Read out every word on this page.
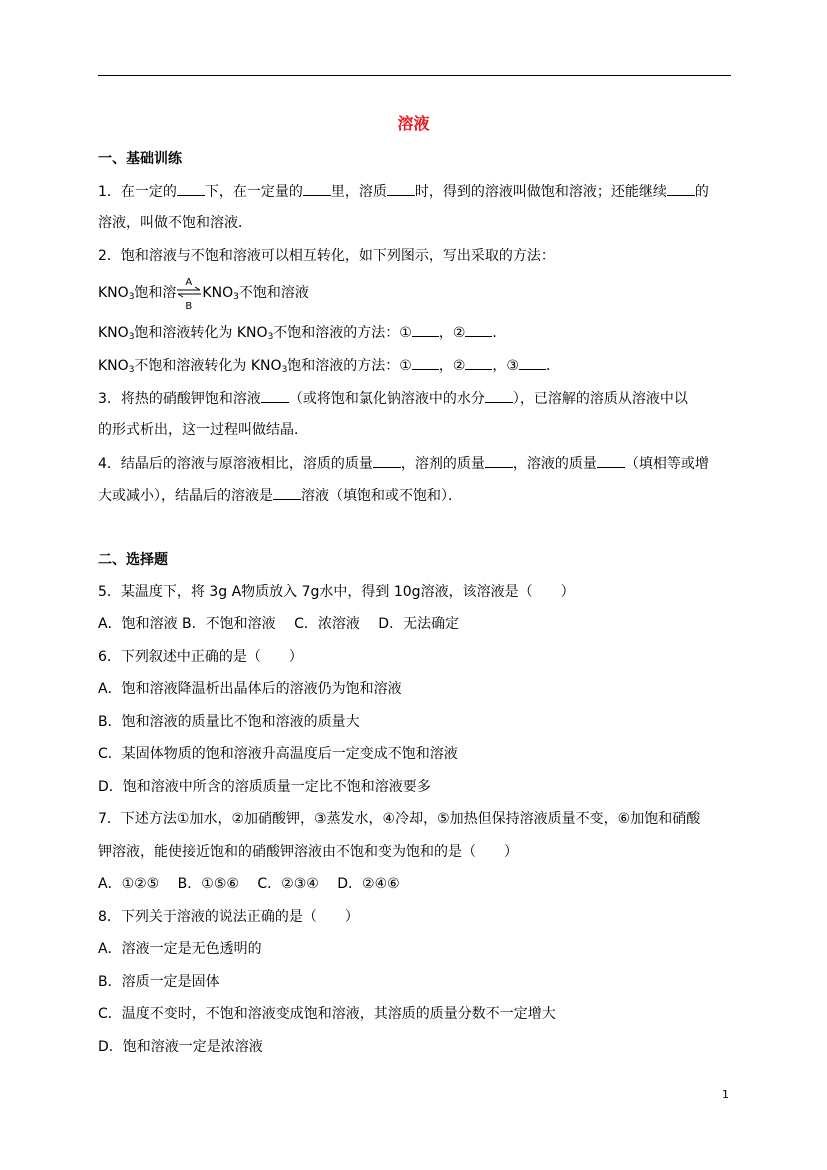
溶液
一、基础训练
1．在一定的 下，在一定量的 里，溶质 时，得到的溶液叫做饱和溶液；还能继续 的
溶液，叫做不饱和溶液．
2．饱和溶液与不饱和溶液可以相互转化，如下列图示，写出采取的方法：
$KNO_3$饱和溶
A
B
$KNO_3$不饱和溶液
$KNO_3$饱和溶液转化为 $KNO_3$不饱和溶液的方法：① ，② ．
$KNO_3$不饱和溶液转化为 $KNO_3$饱和溶液的方法：① ，② ，③ ．
3．将热的硝酸钾饱和溶液 （或将饱和氯化钠溶液中的水分 ），已溶解的溶质从溶液中以
的形式析出，这一过程叫做结晶．
4．结晶后的溶液与原溶液相比，溶质的质量 ，溶剂的质量 ，溶液的质量 （填相等或增
大或减小），结晶后的溶液是 溶液（填饱和或不饱和）．
二、选择题
5．某温度下，将 3g A物质放入 7g水中，得到 10g溶液，该溶液是（　　）
A．饱和溶液 B．不饱和溶液　 C．浓溶液　 D．无法确定
6．下列叙述中正确的是（　　）
A．饱和溶液降温析出晶体后的溶液仍为饱和溶液
B．饱和溶液的质量比不饱和溶液的质量大
C．某固体物质的饱和溶液升高温度后一定变成不饱和溶液
D．饱和溶液中所含的溶质质量一定比不饱和溶液要多
7．下述方法①加水，②加硝酸钾，③蒸发水，④冷却，⑤加热但保持溶液质量不变，⑥加饱和硝酸
钾溶液，能使接近饱和的硝酸钾溶液由不饱和变为饱和的是（　　）
A．①②⑤　 B．①⑤⑥　 C．②③④　 D．②④⑥
8．下列关于溶液的说法正确的是（　　）
A．溶液一定是无色透明的
B．溶质一定是固体
C．温度不变时，不饱和溶液变成饱和溶液，其溶质的质量分数不一定增大
D．饱和溶液一定是浓溶液
1
